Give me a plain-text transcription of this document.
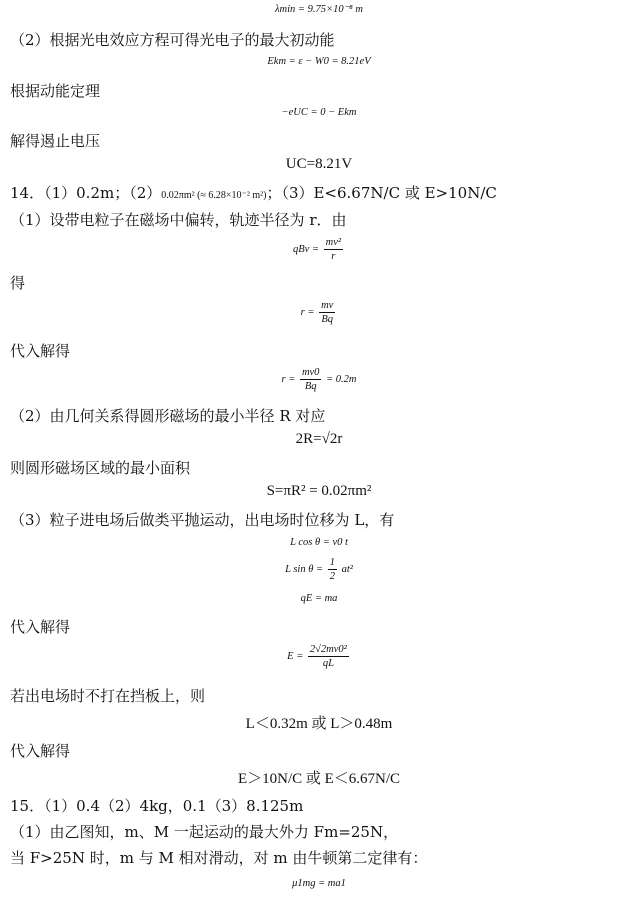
λmin = 9.75×10⁻⁸ m
（2）根据光电效应方程可得光电子的最大初动能
Ekm = ε − W0 = 8.21eV
根据动能定理
−eUC = 0 − Ekm
解得遏止电压
UC=8.21V
14．（1）0.2m；（2）0.02πm² (≈ 6.28×10⁻² m²)；（3）E<6.67N/C 或 E>10N/C
（1）设带电粒子在磁场中偏转，轨迹半径为 r．由
qBv = $\frac{\text{mv²}}{r}$
得
$r = \frac{mv}{Bq}$
代入解得
$r = \frac{mv0}{Bq} = 0.2m$
（2）由几何关系得圆形磁场的最小半径 R 对应
2R=√2r
则圆形磁场区域的最小面积
S=πR² = 0.02πm²
（3）粒子进电场后做类平抛运动，出电场时位移为 L，有
L cos θ = v0 t
L $\sin \theta = \frac{1}{2} at^2$
qE = ma
代入解得
$E = \frac{\text{2√2mv0²}}{qL}$
若出电场时不打在挡板上，则
L＜0.32m 或 L＞0.48m
代入解得
E＞10N/C 或 E＜6.67N/C
15．（1）0.4（2）4kg，0.1（3）8.125m
（1）由乙图知，m、M 一起运动的最大外力 Fm=25N，
当 F>25N 时，m 与 M 相对滑动，对 m 由牛顿第二定律有：
μ1mg = ma1
